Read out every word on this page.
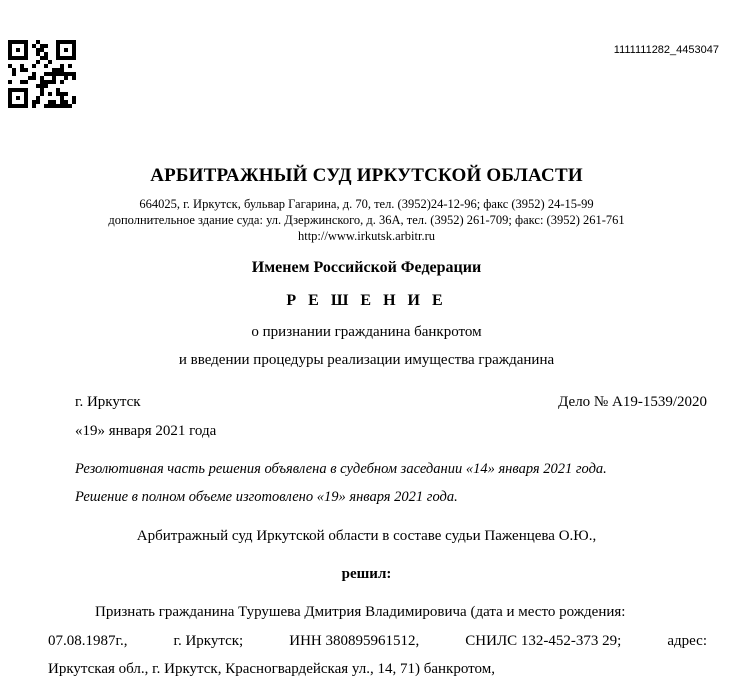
1111111282_4453047
АРБИТРАЖНЫЙ СУД ИРКУТСКОЙ ОБЛАСТИ
664025, г. Иркутск, бульвар Гагарина, д. 70, тел. (3952)24-12-96; факс (3952) 24-15-99
дополнительное здание суда: ул. Дзержинского, д. 36А, тел. (3952) 261-709; факс: (3952) 261-761
http://www.irkutsk.arbitr.ru
Именем Российской Федерации
Р Е Ш Е Н И Е
о признании гражданина банкротом
и введении процедуры реализации имущества гражданина
г. Иркутск	Дело № А19-1539/2020
«19» января 2021 года
Резолютивная часть решения объявлена в судебном заседании «14» января 2021 года.
Решение в полном объеме изготовлено «19» января 2021 года.
Арбитражный суд Иркутской области в составе судьи Паженцева О.Ю.,
решил:
Признать гражданина Турушева Дмитрия Владимировича (дата и место рождения:
07.08.1987г.,	г. Иркутск;	ИНН 380895961512,	СНИЛС 132-452-373 29;	адрес:
Иркутская обл., г. Иркутск, Красногвардейская ул., 14, 71) банкротом,
